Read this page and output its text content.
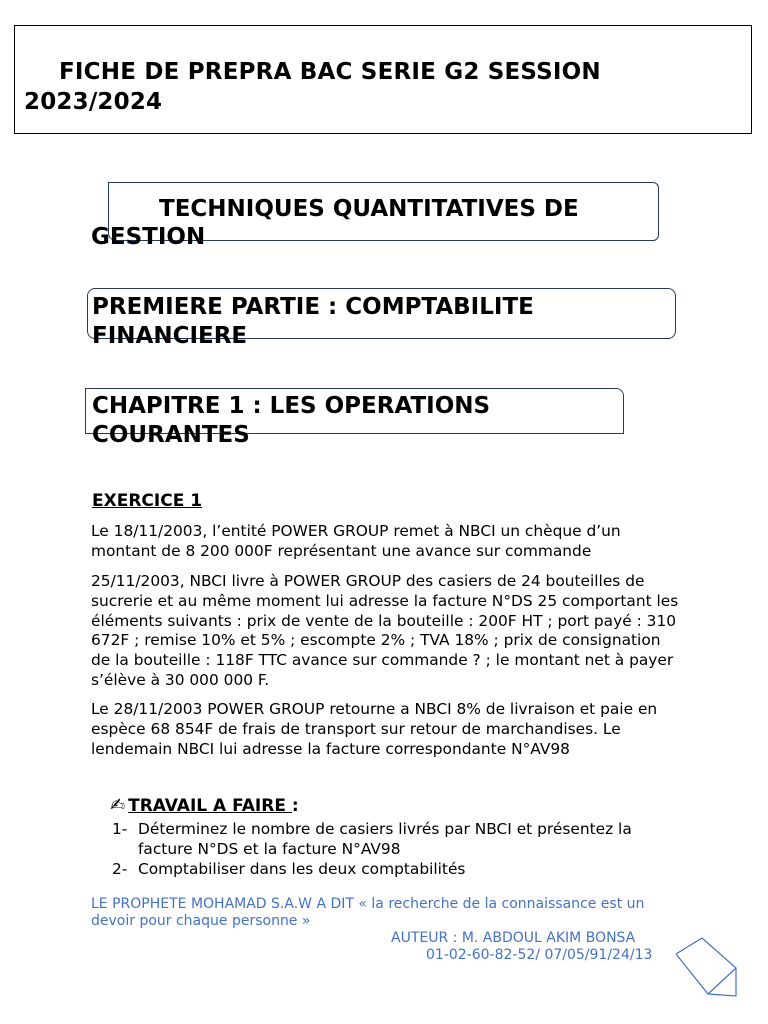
FICHE DE PREPRA BAC SERIE G2 SESSION 2023/2024
TECHNIQUES QUANTITATIVES DE GESTION
PREMIERE PARTIE : COMPTABILITE FINANCIERE
CHAPITRE 1 : LES OPERATIONS COURANTES
EXERCICE 1
Le 18/11/2003, l’entité POWER GROUP remet à NBCI un chèque d’un montant de 8 200 000F représentant une avance sur commande
25/11/2003, NBCI livre à POWER GROUP des casiers de 24 bouteilles de sucrerie et au même moment lui adresse la facture N°DS 25 comportant les éléments suivants : prix de vente de la bouteille : 200F HT ; port payé : 310 672F ; remise 10% et 5% ; escompte 2% ; TVA 18% ; prix de consignation de la bouteille : 118F TTC avance sur commande ? ; le montant net à payer s’élève à 30 000 000 F.
Le 28/11/2003 POWER GROUP retourne a NBCI 8% de livraison et paie en espèce 68 854F de frais de transport sur retour de marchandises. Le lendemain NBCI lui adresse la facture correspondante N°AV98
✍ TRAVAIL A FAIRE :
1- Déterminez le nombre de casiers livrés par NBCI et présentez la facture N°DS et la facture N°AV98
2- Comptabiliser dans les deux comptabilités
LE PROPHETE MOHAMAD S.A.W A DIT « la recherche de la connaissance est un devoir pour chaque personne »
AUTEUR : M. ABDOUL AKIM BONSA
01-02-60-82-52/ 07/05/91/24/13
